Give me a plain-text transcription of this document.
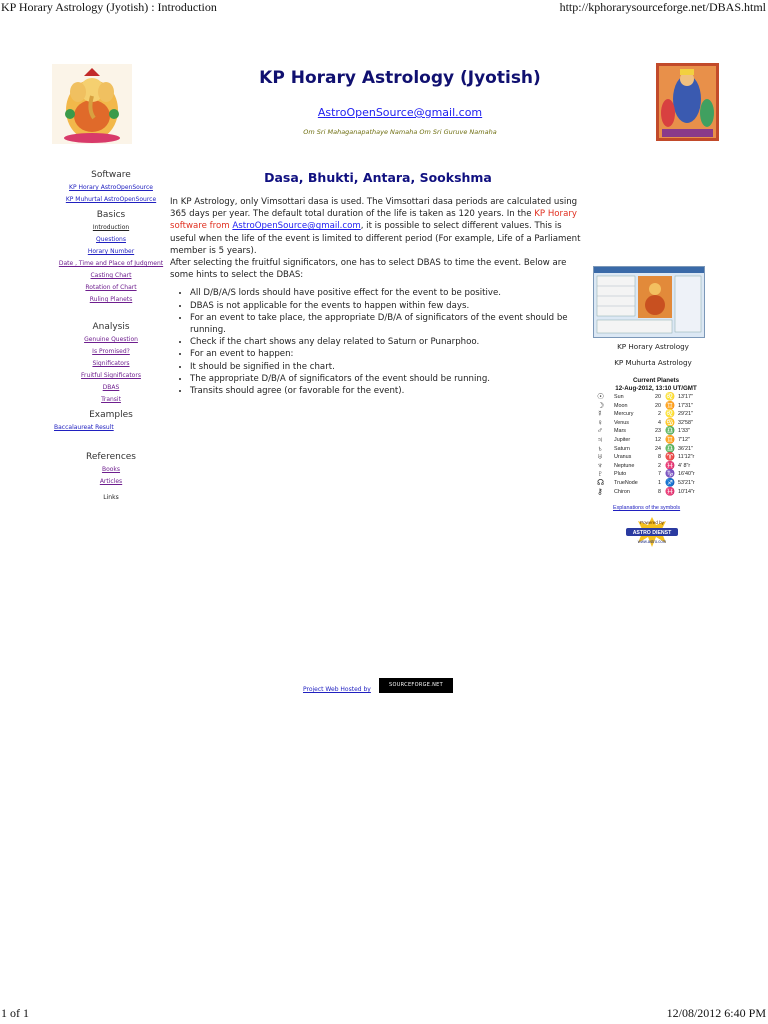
KP Horary Astrology (Jyotish) : Introduction	http://kphorarysourceforge.net/DBAS.html
KP Horary Astrology (Jyotish)
AstroOpenSource@gmail.com
Om Sri Mahaganapathaye Namaha Om Sri Guruve Namaha
Software
KP Horary AstroOpenSource
KP Muhurtal AstroOpenSource
Basics
Introduction
Questions
Horary Number
Date , Time and Place of Judgment
Casting Chart
Rotation of Chart
Ruling Planets
Analysis
Genuine Question
Is Promised?
Significators
Fruitful Significators
DBAS
Transit
Examples
Baccalaureat Result
References
Books
Articles
Links
Dasa, Bhukti, Antara, Sookshma

In KP Astrology, only Vimsottari dasa is used. The Vimsottari dasa periods are calculated using 365 days per year. The default total duration of the life is taken as 120 years. In the KP Horary software from AstroOpenSource@gmail.com, it is possible to select different values. This is useful when the life of the event is limited to different period (For example, Life of a Parliament member is 5 years).

After selecting the fruitful significators, one has to select DBAS to time the event. Below are some hints to select the DBAS:

• All D/B/A/S lords should have positive effect for the event to be positive.
• DBAS is not applicable for the events to happen within few days.
• For an event to take place, the appropriate D/B/A of significators of the event should be running.
• Check if the chart shows any delay related to Saturn or Punarphoo.
• For an event to happen:
• It should be signified in the chart.
• The appropriate D/B/A of significators of the event should be running.
• Transits should agree (or favorable for the event).
KP Horary Astrology
KP Muhurta Astrology
Current Planets
12-Aug-2012, 13:10 UT/GMT
☉ Sun	20 ♌ 13'17"
☽ Moon	20 ♊ 17'31"
☿ Mercury	2 ♌ 29'21"
♀ Venus	4 ♋ 32'58"
♂ Mars	23 ♎ 1'33"
♃ Jupiter	12 ♊ 7'12"
♄ Saturn	24 ♎ 36'21"
♅ Uranus	8 ♈ 11'12"r
♆ Neptune	2 ♓ 4' 8"r
♇ Pluto	7 ♑ 16'40"r
☊ TrueNode	1 ♐ 53'21"r
⚷ Chiron	8 ♓ 10'14"r
Explanations of the symbols
Powered by
ASTRO DIENST
www.astro.com
Project Web Hosted by
SOURCEFORGE.NET
1 of 1	12/08/2012 6:40 PM
